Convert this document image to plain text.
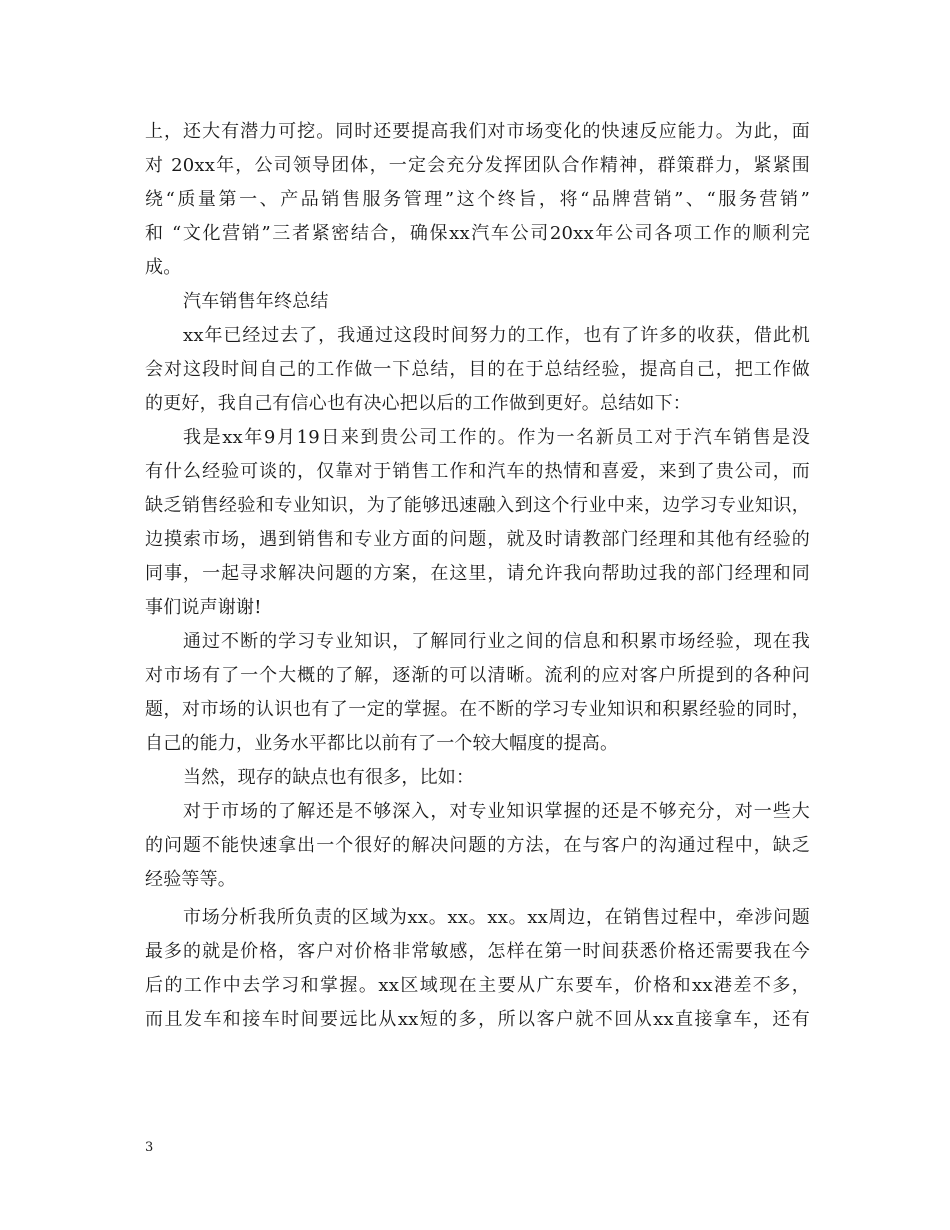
上，还大有潜力可挖。同时还要提高我们对市场变化的快速反应能力。为此，面
对 20xx年，公司领导团体，一定会充分发挥团队合作精神，群策群力，紧紧围
绕“质量第一、产品销售服务管理”这个终旨，将“品牌营销”、“服务营销”
和 “文化营销”三者紧密结合，确保xx汽车公司20xx年公司各项工作的顺利完
成。
汽车销售年终总结
xx年已经过去了，我通过这段时间努力的工作，也有了许多的收获，借此机
会对这段时间自己的工作做一下总结，目的在于总结经验，提高自己，把工作做
的更好，我自己有信心也有决心把以后的工作做到更好。总结如下：
我是xx年9月19日来到贵公司工作的。作为一名新员工对于汽车销售是没
有什么经验可谈的，仅靠对于销售工作和汽车的热情和喜爱，来到了贵公司，而
缺乏销售经验和专业知识，为了能够迅速融入到这个行业中来，边学习专业知识，
边摸索市场，遇到销售和专业方面的问题，就及时请教部门经理和其他有经验的
同事，一起寻求解决问题的方案，在这里，请允许我向帮助过我的部门经理和同
事们说声谢谢!
通过不断的学习专业知识，了解同行业之间的信息和积累市场经验，现在我
对市场有了一个大概的了解，逐渐的可以清晰。流利的应对客户所提到的各种问
题，对市场的认识也有了一定的掌握。在不断的学习专业知识和积累经验的同时，
自己的能力，业务水平都比以前有了一个较大幅度的提高。
当然，现存的缺点也有很多，比如：
对于市场的了解还是不够深入，对专业知识掌握的还是不够充分，对一些大
的问题不能快速拿出一个很好的解决问题的方法，在与客户的沟通过程中，缺乏
经验等等。
市场分析我所负责的区域为xx。xx。xx。xx周边，在销售过程中，牵涉问题
最多的就是价格，客户对价格非常敏感，怎样在第一时间获悉价格还需要我在今
后的工作中去学习和掌握。xx区域现在主要从广东要车，价格和xx港差不多，
而且发车和接车时间要远比从xx短的多，所以客户就不回从xx直接拿车，还有
3
